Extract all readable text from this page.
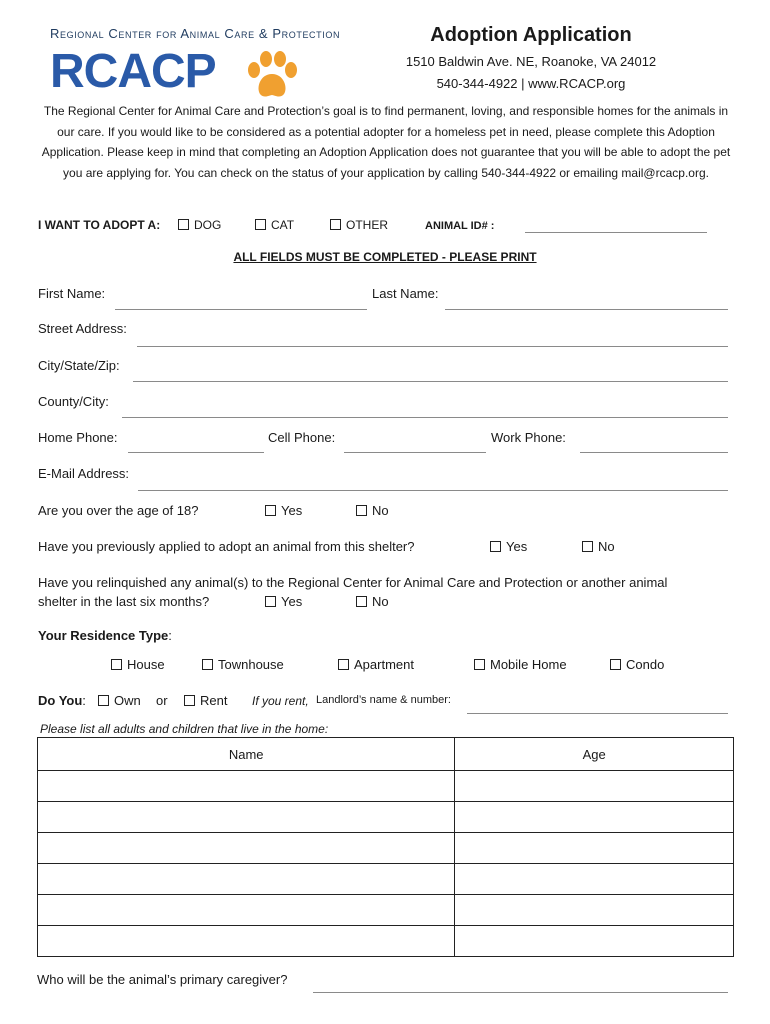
Regional Center for Animal Care & Protection
RCACP
Adoption Application
1510 Baldwin Ave. NE, Roanoke, VA 24012
540-344-4922 | www.RCACP.org
The Regional Center for Animal Care and Protection’s goal is to find permanent, loving, and responsible homes for the animals in our care. If you would like to be considered as a potential adopter for a homeless pet in need, please complete this Adoption Application. Please keep in mind that completing an Adoption Application does not guarantee that you will be able to adopt the pet you are applying for. You can check on the status of your application by calling 540-344-4922 or emailing mail@rcacp.org.
I WANT TO ADOPT A:	DOG	CAT	OTHER	ANIMAL ID# :
ALL FIELDS MUST BE COMPLETED - PLEASE PRINT
First Name:	Last Name:
Street Address:
City/State/Zip:
County/City:
Home Phone:	Cell Phone:	Work Phone:
E-Mail Address:
Are you over the age of 18?	Yes	No
Have you previously applied to adopt an animal from this shelter?	Yes	No
Have you relinquished any animal(s) to the Regional Center for Animal Care and Protection or another animal
shelter in the last six months?	Yes	No
Your Residence Type:
House	Townhouse	Apartment	Mobile Home	Condo
Do You:	Own or	Rent If you rent, Landlord’s name & number:
Please list all adults and children that live in the home:
Name	Age

Who will be the animal’s primary caregiver?
